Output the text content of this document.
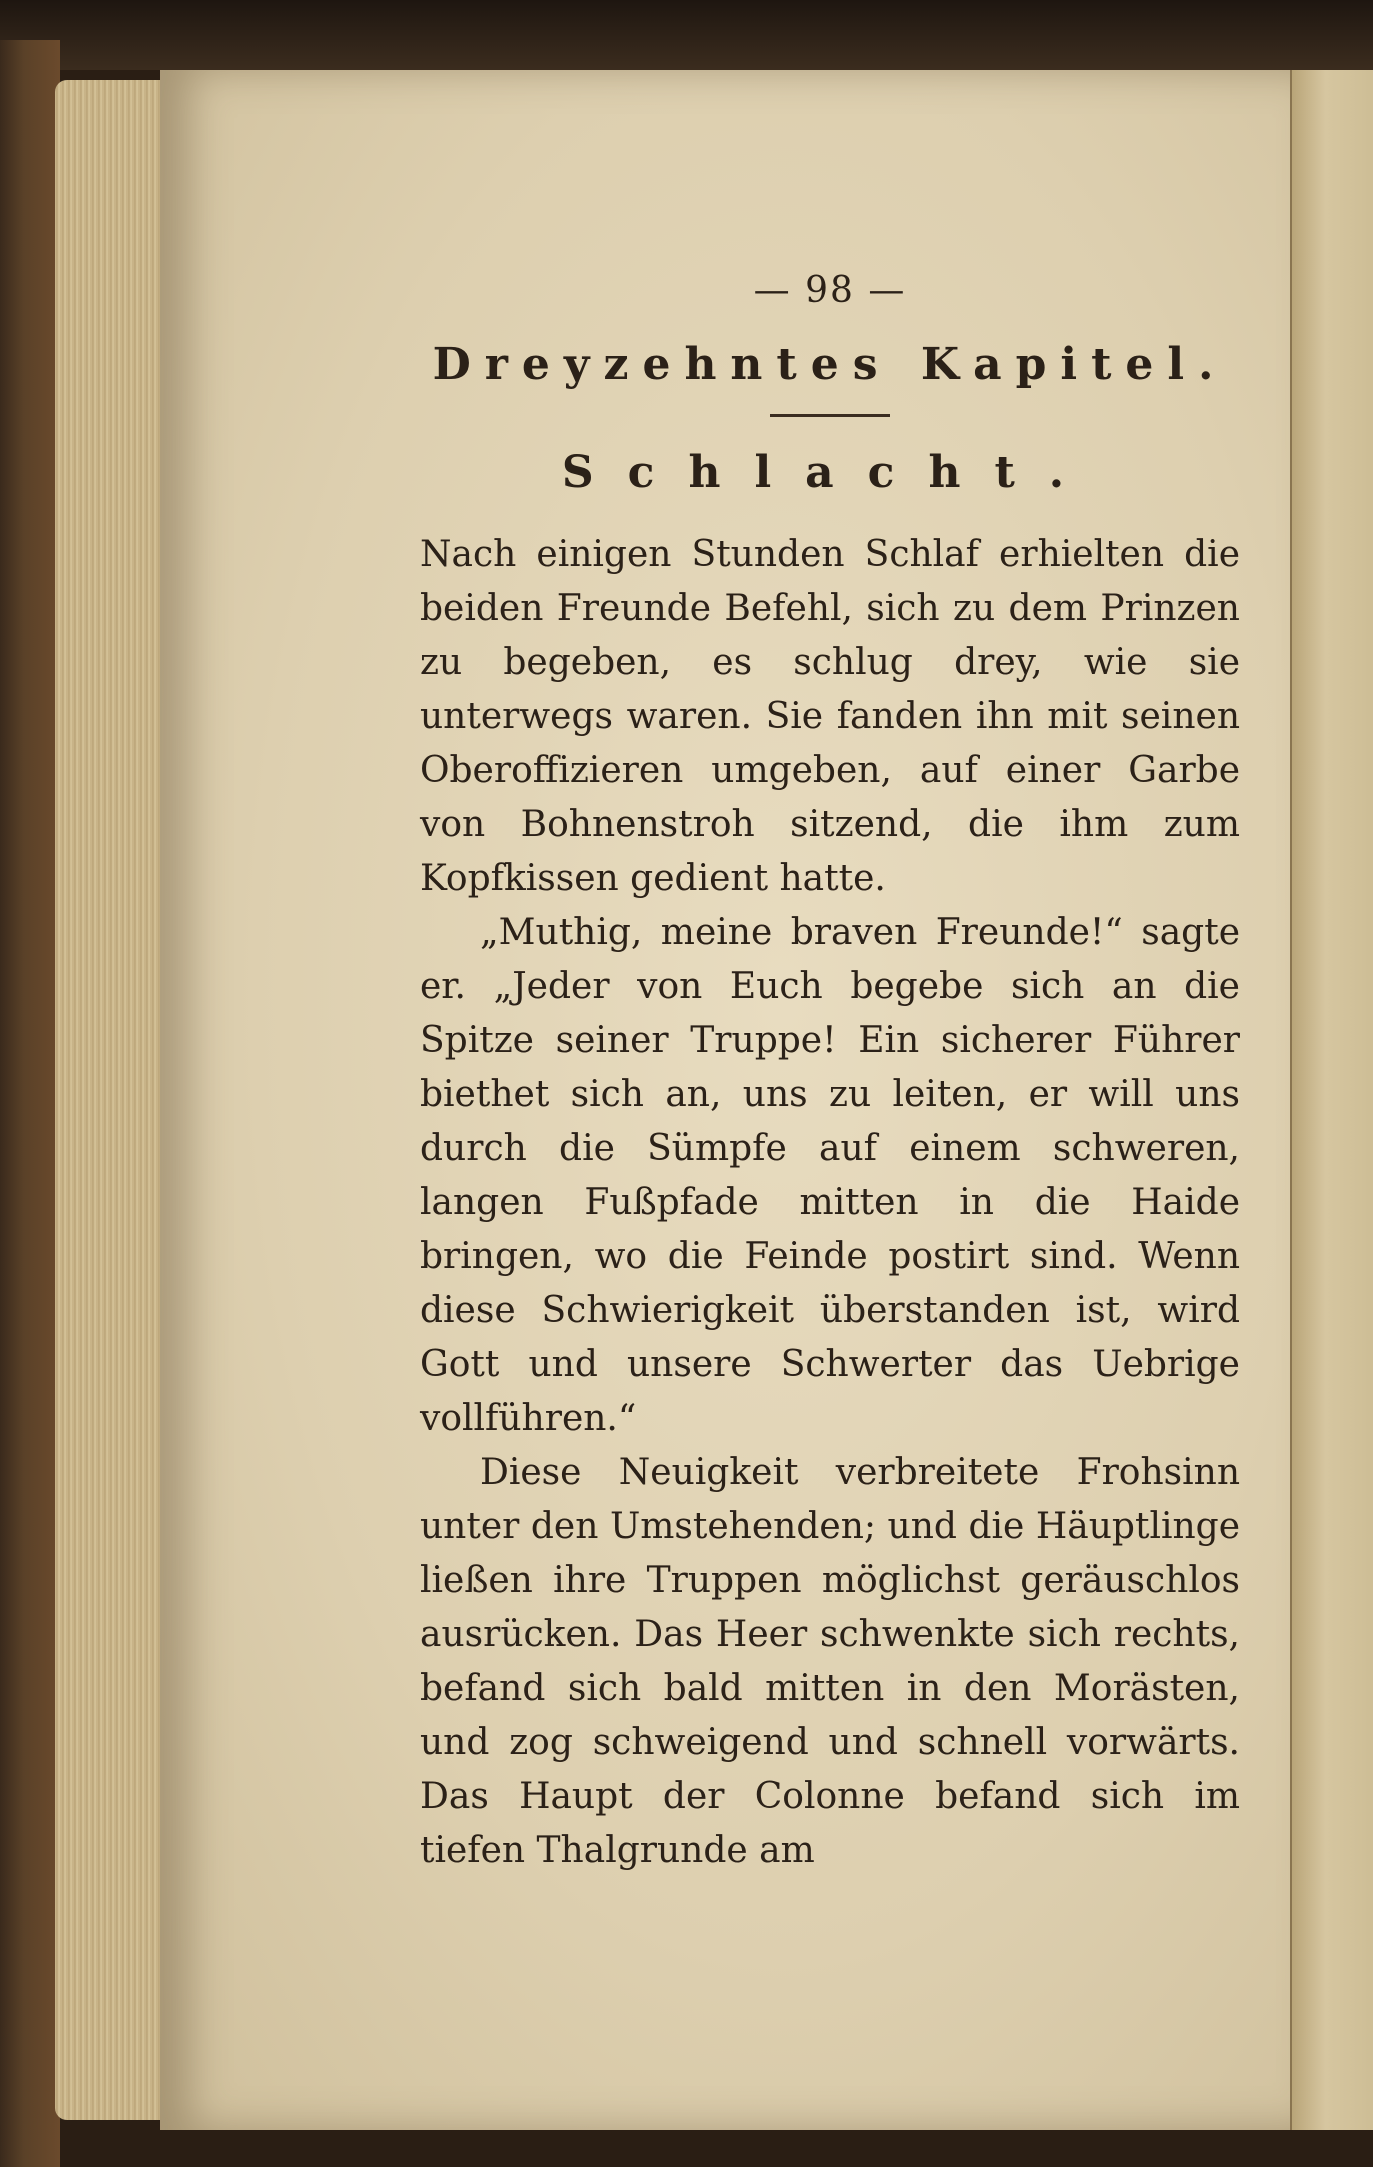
— 98 —
Dreyzehntes Kapitel.
Schlacht.

Nach einigen Stunden Schlaf erhielten die beiden Freunde Befehl, sich zu dem Prinzen zu begeben, es schlug drey, wie sie unterwegs waren. Sie fanden ihn mit seinen Oberoffizieren umgeben, auf einer Garbe von Bohnenstroh sitzend, die ihm zum Kopfkissen gedient hatte.

„Muthig, meine braven Freunde!“ sagte er. „Jeder von Euch begebe sich an die Spitze seiner Truppe! Ein sicherer Führer biethet sich an, uns zu leiten, er will uns durch die Sümpfe auf einem schweren, langen Fußpfade mitten in die Haide bringen, wo die Feinde postirt sind. Wenn diese Schwierigkeit überstanden ist, wird Gott und unsere Schwerter das Uebrige vollführen.“

Diese Neuigkeit verbreitete Frohsinn unter den Umstehenden; und die Häuptlinge ließen ihre Truppen möglichst geräuschlos ausrücken. Das Heer schwenkte sich rechts, befand sich bald mitten in den Morästen, und zog schweigend und schnell vorwärts. Das Haupt der Colonne befand sich im tiefen Thalgrunde am
